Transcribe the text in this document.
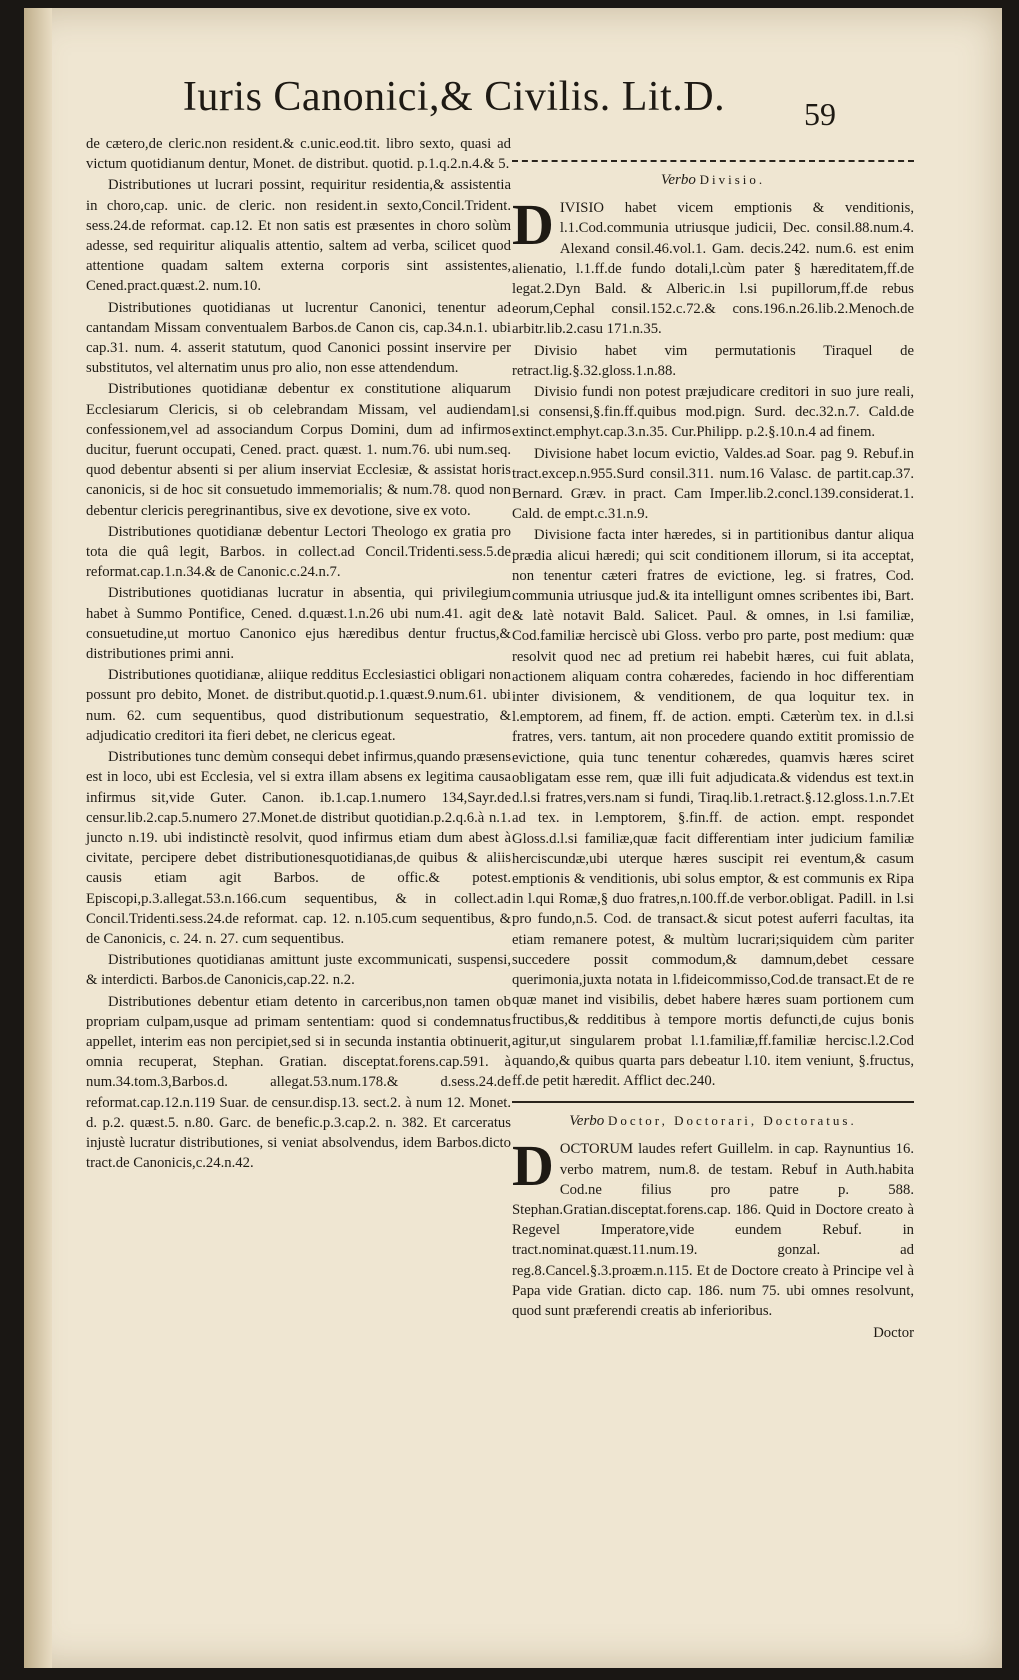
Iuris Canonici,& Civilis. Lit.D. 59

de cætero,de cleric.non resident.& c.unic.eod.tit. libro sexto, quasi ad victum quotidianum dentur, Monet. de distribut. quotid. p.1.q.2.n.4.& 5.

Distributiones ut lucrari possint, requiritur residentia,& assistentia in choro,cap. unic. de cleric. non resident.in sexto,Concil.Trident. sess.24.de reformat. cap.12. Et non satis est præsentes in choro solùm adesse, sed requiritur aliqualis attentio, saltem ad verba, scilicet quod attentione quadam saltem externa corporis sint assistentes, Cened.pract.quæst.2. num.10.

Distributiones quotidianas ut lucrentur Canonici, tenentur ad cantandam Missam conventualem Barbos.de Canon cis, cap.34.n.1. ubi cap.31. num. 4. asserit statutum, quod Canonici possint inservire per substitutos, vel alternatim unus pro alio, non esse attendendum.

Distributiones quotidianæ debentur ex constitutione aliquarum Ecclesiarum Clericis, si ob celebrandam Missam, vel audiendam confessionem,vel ad associandum Corpus Domini, dum ad infirmos ducitur, fuerunt occupati, Cened. pract. quæst. 1. num.76. ubi num.seq. quod debentur absenti si per alium inserviat Ecclesiæ, & assistat horis canonicis, si de hoc sit consuetudo immemorialis; & num.78. quod non debentur clericis peregrinantibus, sive ex devotione, sive ex voto.

Distributiones quotidianæ debentur Lectori Theologo ex gratia pro tota die quâ legit, Barbos. in collect.ad Concil.Tridenti.sess.5.de reformat.cap.1.n.34.& de Canonic.c.24.n.7.

Distributiones quotidianas lucratur in absentia, qui privilegium habet à Summo Pontifice, Cened. d.quæst.1.n.26 ubi num.41. agit de consuetudine,ut mortuo Canonico ejus hæredibus dentur fructus,& distributiones primi anni.

Distributiones quotidianæ, aliique redditus Ecclesiastici obligari non possunt pro debito, Monet. de distribut.quotid.p.1.quæst.9.num.61. ubi num. 62. cum sequentibus, quod distributionum sequestratio, & adjudicatio creditori ita fieri debet, ne clericus egeat.

Distributiones tunc demùm consequi debet infirmus,quando præsens est in loco, ubi est Ecclesia, vel si extra illam absens ex legitima causa infirmus sit,vide Guter. Canon. ib.1.cap.1.numero 134,Sayr.de censur.lib.2.cap.5.numero 27.Monet.de distribut quotidian.p.2.q.6.à n.1. juncto n.19. ubi indistinctè resolvit, quod infirmus etiam dum abest à civitate, percipere debet distributionesquotidianas,de quibus & aliis causis etiam agit Barbos. de offic.& potest. Episcopi,p.3.allegat.53.n.166.cum sequentibus, & in collect.ad Concil.Tridenti.sess.24.de reformat. cap. 12. n.105.cum sequentibus, & de Canonicis, c. 24. n. 27. cum sequentibus.

Distributiones quotidianas amittunt juste excommunicati, suspensi, & interdicti. Barbos.de Canonicis,cap.22. n.2.

Distributiones debentur etiam detento in carceribus,non tamen ob propriam culpam,usque ad primam sententiam: quod si condemnatus appellet, interim eas non percipiet,sed si in secunda instantia obtinuerit, omnia recuperat, Stephan. Gratian. disceptat.forens.cap.591. à num.34.tom.3,Barbos.d. allegat.53.num.178.& d.sess.24.de reformat.cap.12.n.119 Suar. de censur.disp.13. sect.2. à num 12. Monet. d. p.2. quæst.5. n.80. Garc. de benefic.p.3.cap.2. n. 382. Et carceratus injustè lucratur distributiones, si veniat absolvendus, idem Barbos.dicto tract.de Canonicis,c.24.n.42.

Verbo Divisio.

DIVISIO habet vicem emptionis & venditionis, l.1.Cod.communia utriusque judicii, Dec. consil.88.num.4. Alexand consil.46.vol.1. Gam. decis.242. num.6. est enim alienatio, l.1.ff.de fundo dotali,l.cùm pater § hæreditatem,ff.de legat.2.Dyn Bald. & Alberic.in l.si pupillorum,ff.de rebus eorum,Cephal consil.152.c.72.& cons.196.n.26.lib.2.Menoch.de arbitr.lib.2.casu 171.n.35.

Divisio habet vim permutationis Tiraquel de retract.lig.§.32.gloss.1.n.88.

Divisio fundi non potest præjudicare creditori in suo jure reali, l.si consensi,§.fin.ff.quibus mod.pign. Surd. dec.32.n.7. Cald.de extinct.emphyt.cap.3.n.35. Cur.Philipp. p.2.§.10.n.4 ad finem.

Divisione habet locum evictio, Valdes.ad Soar. pag 9. Rebuf.in tract.excep.n.955.Surd consil.311. num.16 Valasc. de partit.cap.37. Bernard. Græv. in pract. Cam Imper.lib.2.concl.139.considerat.1. Cald. de empt.c.31.n.9.

Divisione facta inter hæredes, si in partitionibus dantur aliqua prædia alicui hæredi; qui scit conditionem illorum, si ita acceptat, non tenentur cæteri fratres de evictione, leg. si fratres, Cod. communia utriusque jud.& ita intelligunt omnes scribentes ibi, Bart. & latè notavit Bald. Salicet. Paul. & omnes, in l.si familiæ, Cod.familiæ herciscè ubi Gloss. verbo pro parte, post medium: quæ resolvit quod nec ad pretium rei habebit hæres, cui fuit ablata, actionem aliquam contra cohæredes, faciendo in hoc differentiam inter divisionem, & venditionem, de qua loquitur tex. in l.emptorem, ad finem, ff. de action. empti. Cæterùm tex. in d.l.si fratres, vers. tantum, ait non procedere quando extitit promissio de evictione, quia tunc tenentur cohæredes, quamvis hæres sciret obligatam esse rem, quæ illi fuit adjudicata.& videndus est text.in d.l.si fratres,vers.nam si fundi, Tiraq.lib.1.retract.§.12.gloss.1.n.7.Et ad tex. in l.emptorem, §.fin.ff. de action. empt. respondet Gloss.d.l.si familiæ,quæ facit differentiam inter judicium familiæ herciscundæ,ubi uterque hæres suscipit rei eventum,& casum emptionis & venditionis, ubi solus emptor, & est communis ex Ripa in l.qui Romæ,§ duo fratres,n.100.ff.de verbor.obligat. Padill. in l.si pro fundo,n.5. Cod. de transact.& sicut potest auferri facultas, ita etiam remanere potest, & multùm lucrari;siquidem cùm pariter succedere possit commodum,& damnum,debet cessare querimonia,juxta notata in l.fideicommisso,Cod.de transact.Et de re quæ manet ind visibilis, debet habere hæres suam portionem cum fructibus,& redditibus à tempore mortis defuncti,de cujus bonis agitur,ut singularem probat l.1.familiæ,ff.familiæ hercisc.l.2.Cod quando,& quibus quarta pars debeatur l.10. item veniunt, §.fructus, ff.de petit hæredit. Afflict dec.240.

Verbo Doctor, Doctorari, Doctoratus.

DOCTORUM laudes refert Guillelm. in cap. Raynuntius 16. verbo matrem, num.8. de testam. Rebuf in Auth.habita Cod.ne filius pro patre p. 588. Stephan.Gratian.disceptat.forens.cap. 186. Quid in Doctore creato à Regevel Imperatore,vide eundem Rebuf. in tract.nominat.quæst.11.num.19. gonzal. ad reg.8.Cancel.§.3.proæm.n.115. Et de Doctore creato à Principe vel à Papa vide Gratian. dicto cap. 186. num 75. ubi omnes resolvunt, quod sunt præferendi creatis ab inferioribus.

Doctor
